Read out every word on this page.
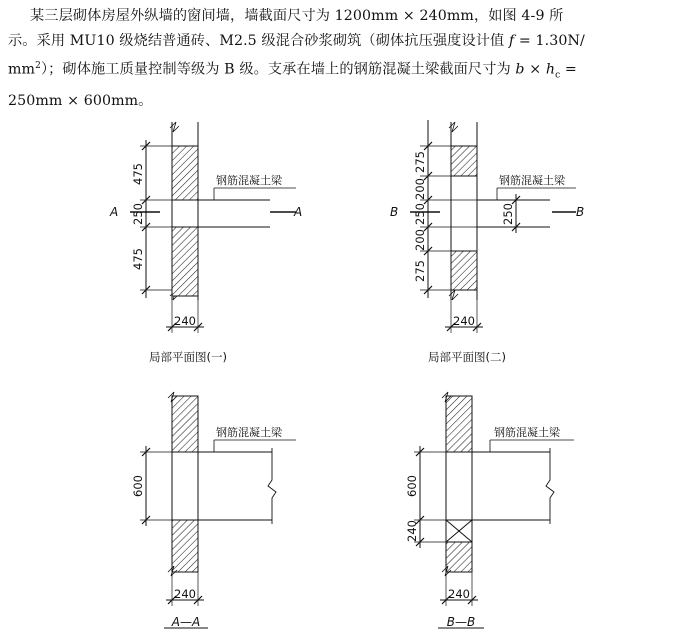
某三层砌体房屋外纵墙的窗间墙，墙截面尺寸为 1200mm × 240mm，如图 4-9 所

示。采用 MU10 级烧结普通砖、M2.5 级混合砂浆砌筑（砌体抗压强度设计值 f = 1.30N/

$mm^2$）；砌体施工质量控制等级为 B 级。支承在墙上的钢筋混凝土梁截面尺寸为 $b \times h_c$ =

250mm × 600mm。

475
250
475
240
钢筋混凝土梁
A	A
局部平面图(一)
275
200
250
200
275
250
240
钢筋混凝土梁
B	B
局部平面图(二)
600
240
钢筋混凝土梁
A—A
600
240
240
钢筋混凝土梁
B—B
